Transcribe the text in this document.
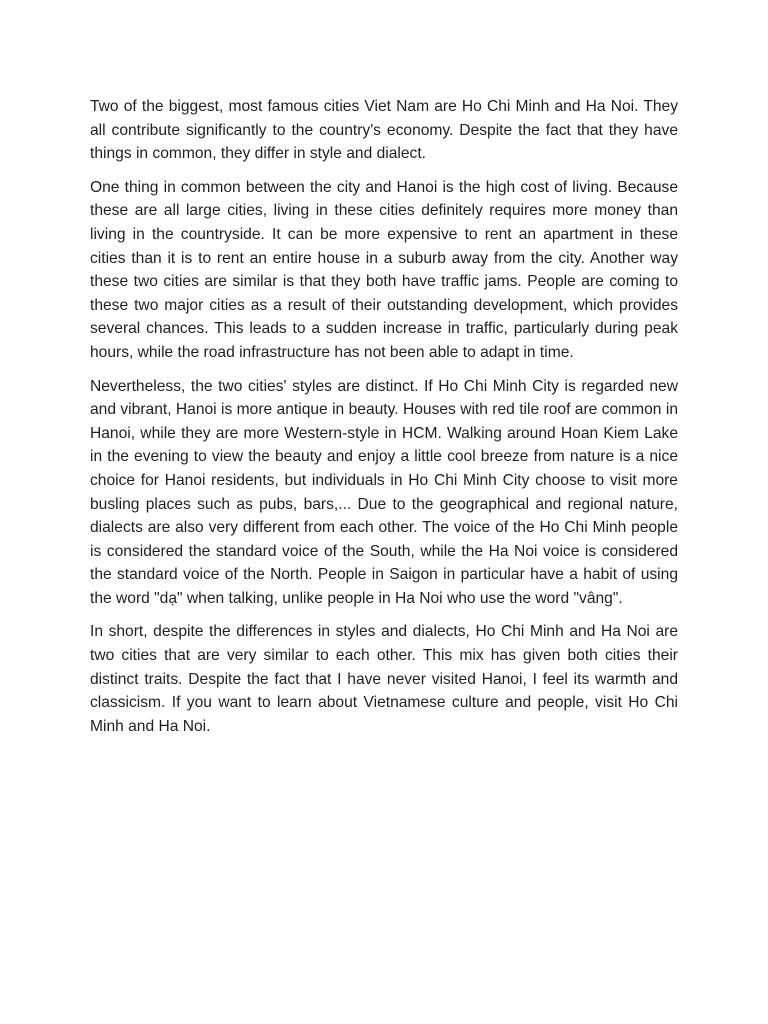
Two of the biggest, most famous cities Viet Nam are Ho Chi Minh and Ha Noi. They all contribute significantly to the country's economy. Despite the fact that they have things in common, they differ in style and dialect.

One thing in common between the city and Hanoi is the high cost of living. Because these are all large cities, living in these cities definitely requires more money than living in the countryside. It can be more expensive to rent an apartment in these cities than it is to rent an entire house in a suburb away from the city. Another way these two cities are similar is that they both have traffic jams. People are coming to these two major cities as a result of their outstanding development, which provides several chances. This leads to a sudden increase in traffic, particularly during peak hours, while the road infrastructure has not been able to adapt in time.

Nevertheless, the two cities' styles are distinct. If Ho Chi Minh City is regarded new and vibrant, Hanoi is more antique in beauty. Houses with red tile roof are common in Hanoi, while they are more Western-style in HCM. Walking around Hoan Kiem Lake in the evening to view the beauty and enjoy a little cool breeze from nature is a nice choice for Hanoi residents, but individuals in Ho Chi Minh City choose to visit more busling places such as pubs, bars,... Due to the geographical and regional nature, dialects are also very different from each other. The voice of the Ho Chi Minh people is considered the standard voice of the South, while the Ha Noi voice is considered the standard voice of the North. People in Saigon in particular have a habit of using the word "dạ" when talking, unlike people in Ha Noi who use the word "vâng".

In short, despite the differences in styles and dialects, Ho Chi Minh and Ha Noi are two cities that are very similar to each other. This mix has given both cities their distinct traits. Despite the fact that I have never visited Hanoi, I feel its warmth and classicism. If you want to learn about Vietnamese culture and people, visit Ho Chi Minh and Ha Noi.
